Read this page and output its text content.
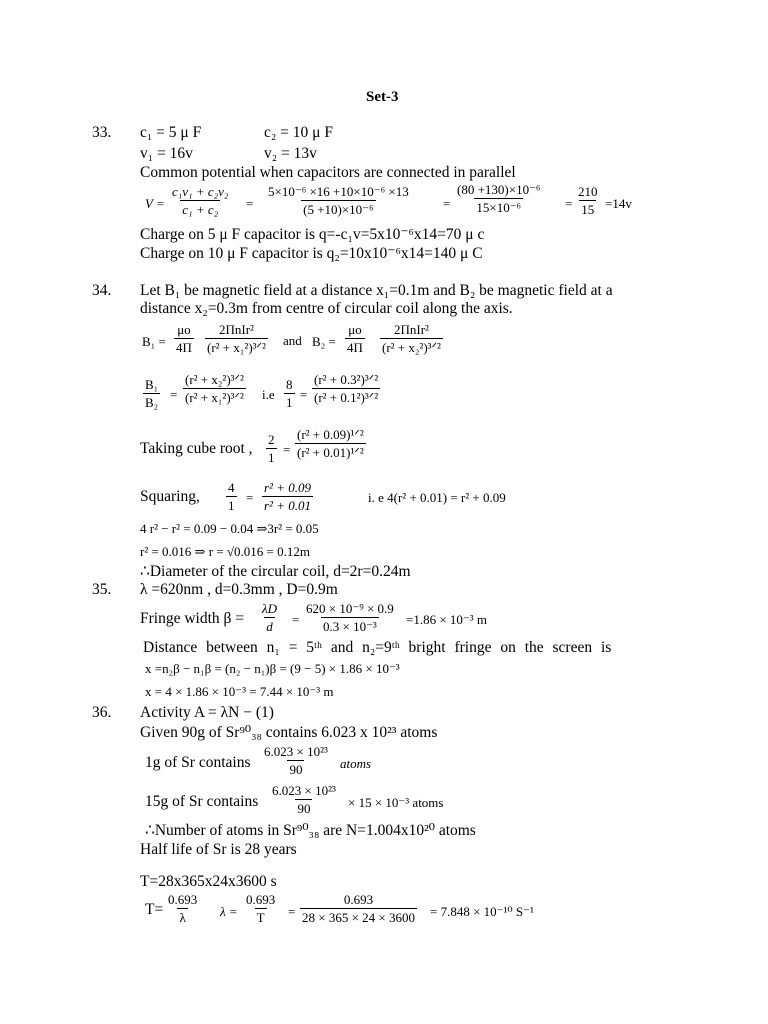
Set-3
33. c₁ = 5 μ F	c₂ = 10 μ F
v₁ = 16v	v₂ = 13v
Common potential when capacitors are connected in parallel
$V = \frac{\text{c₁v₁ + c₂v₂}}{\text{c₁ + c₂}} = \frac{\text{5×10⁻⁶ ×16 +10×10⁻⁶ ×13}}{\text{(5 +10)×10⁻⁶}} = \frac{\text{(80 +130)×10⁻⁶}}{\text{15×10⁻⁶}} = \frac{210}{15} =14v$
Charge on 5 μ F capacitor is q=-c₁v=5x10⁻⁶x14=70 μ c
Charge on 10 μ F capacitor is q₂=10x10⁻⁶x14=140 μ C
34. Let B₁ be magnetic field at a distance x₁=0.1m and B₂ be magnetic field at a
distance x₂=0.3m from centre of circular coil along the axis.
$B_1 = \frac{\mu o}{4\Pi} 2\Pi nIr^2$
(r² + x₁²)³ᐟ² and $B_2 = \frac{\mu o}{4\Pi} 2\Pi nIr^2$
(r² + x₂²)³ᐟ²
$\frac{\text{B₁}}{\text{B₂}}$ =
(r² + x₂²)³ᐟ²
(r² + x₁²)³ᐟ² $i.e \frac{8}{1}$ =
(r² + 0.3²)³ᐟ²
(r² + 0.1²)³ᐟ²
Taking cube root , $\frac{2}{1}$ =
(r² + 0.09)¹ᐟ²
(r² + 0.01)¹ᐟ²
Squaring, $\frac{4}{1} = \frac{\text{r² + 0.09}}{\text{r² + 0.01}}$	i. e 4(r² + 0.01) = r² + 0.09
4 r² − r² = 0.09 − 0.04 ⇒3r² = 0.05
r² = 0.016 ⇒ r = √0.016 = 0.12m
∴Diameter of the circular coil, d=2r=0.24m
35. λ =620nm , d=0.3mm , D=0.9m
Fringe width $\beta = \frac{\lambda D}{d} = \frac{\text{620 × 10⁻⁹ × 0.9}}{\text{0.3 × 10⁻³}} =1.86 \times 10^{-3}$ m
Distance between n₁ = 5ᵗʰ and n₂=9ᵗʰ bright fringe on the screen is
x =n₂β − n₁β = (n₂ − n₁)β = (9 − 5) × 1.86 × 10⁻³
x = 4 × 1.86 × 10⁻³ = 7.44 × 10⁻³ m
36. Activity A = λN − (1)
Given 90g of Sr⁹⁰₃₈ contains 6.023 x 10²³ atoms
1g of Sr contains $\frac{\text{6.023 × 10²³}}{90}$ atoms
15g of Sr contains $\frac{\text{6.023 × 10²³}}{90} \times 15 \times 10^{-3}$ atoms
∴Number of atoms in Sr⁹⁰₃₈ are N=1.004x10²⁰ atoms
Half life of Sr is 28 years
T=28x365x24x3600 s
$T= \frac{0.693}{\lambda}$ $\lambda = \frac{0.693}{T} = \frac{0.693}{28 \times 365 \times 24 \times 3600} = 7.848 \times 10^{-10}$ S⁻¹
